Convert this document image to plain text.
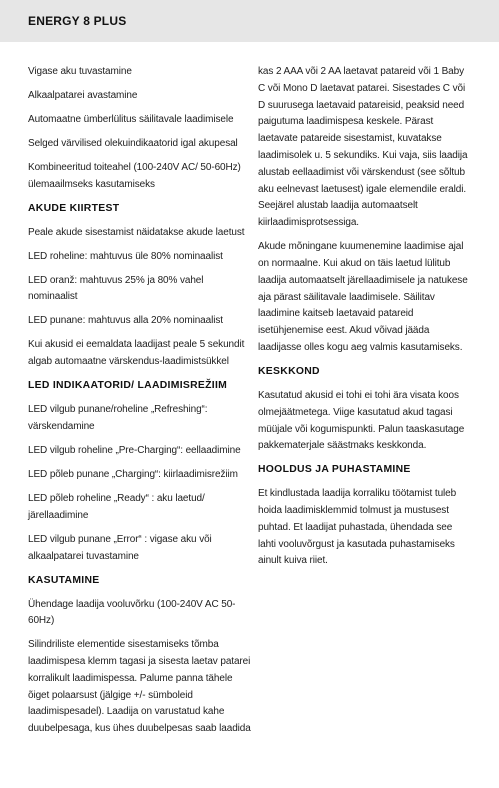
ENERGY 8 PLUS
Vigase aku tuvastamine
Alkaalpatarei avastamine
Automaatne ümberlülitus säilitavale laadimisele
Selged värvilised olekuindikaatorid igal akupesal
Kombineeritud toiteahel (100-240V AC/ 50-60Hz) ülemaailmseks kasutamiseks
AKUDE KIIRTEST
Peale akude sisestamist näidatakse akude laetust
LED roheline: mahtuvus üle 80% nominaalist
LED oranž: mahtuvus 25% ja 80% vahel nominaalist
LED punane: mahtuvus alla 20% nominaalist
Kui akusid ei eemaldata laadijast peale 5 sekundit algab automaatne värskendus-laadimistsükkel
LED INDIKAATORID/ LAADIMISREŽIIM
LED vilgub punane/roheline „Refreshing“: värskendamine
LED vilgub roheline „Pre-Charging“: eellaadimine
LED põleb punane „Charging“: kiirlaadimisrežiim
LED põleb roheline „Ready“ : aku laetud/ järellaadimine
LED vilgub punane „Error“ : vigase aku või alkaalpatarei tuvastamine
KASUTAMINE
Ühendage laadija vooluvõrku (100-240V AC 50-60Hz)
Silindriliste elementide sisestamiseks tõmba laadimispesa klemm tagasi ja sisesta laetav patarei korralikult laadimispessa. Palume panna tähele õiget polaarsust (jälgige +/- sümboleid laadimispesadel). Laadija on varustatud kahe duubelpesaga, kus ühes duubelpesas saab laadida
kas 2 AAA või 2 AA laetavat patareid või 1 Baby C või Mono D laetavat patarei. Sisestades C või D suurusega laetavaid patareisid, peaksid need paigutuma laadimispesa keskele. Pärast laetavate patareide sisestamist, kuvatakse laadimisolek u. 5 sekundiks. Kui vaja, siis laadija alustab eellaadimist või värskendust (see sõltub aku eelnevast laetusest) igale elemendile eraldi. Seejärel alustab laadija automaatselt kiirlaadimisprotsessiga.
Akude mõningane kuumenemine laadimise ajal on normaalne. Kui akud on täis laetud lülitub laadija automaatselt järellaadimisele ja natukese aja pärast säilitavale laadimisele. Säilitav laadimine kaitseb laetavaid patareid isetühjenemise eest. Akud võivad jääda laadijasse olles kogu aeg valmis kasutamiseks.
KESKKOND
Kasutatud akusid ei tohi ei tohi ära visata koos olmejäätmetega. Viige kasutatud akud tagasi müüjale või kogumispunkti. Palun taaskasutage pakkematerjale säästmaks keskkonda.
HOOLDUS JA PUHASTAMINE
Et kindlustada laadija korraliku töötamist tuleb hoida laadimisklemmid tolmust ja mustusest puhtad. Et laadijat puhastada, ühendada see lahti vooluvõrgust ja kasutada puhastamiseks ainult kuiva riiet.
